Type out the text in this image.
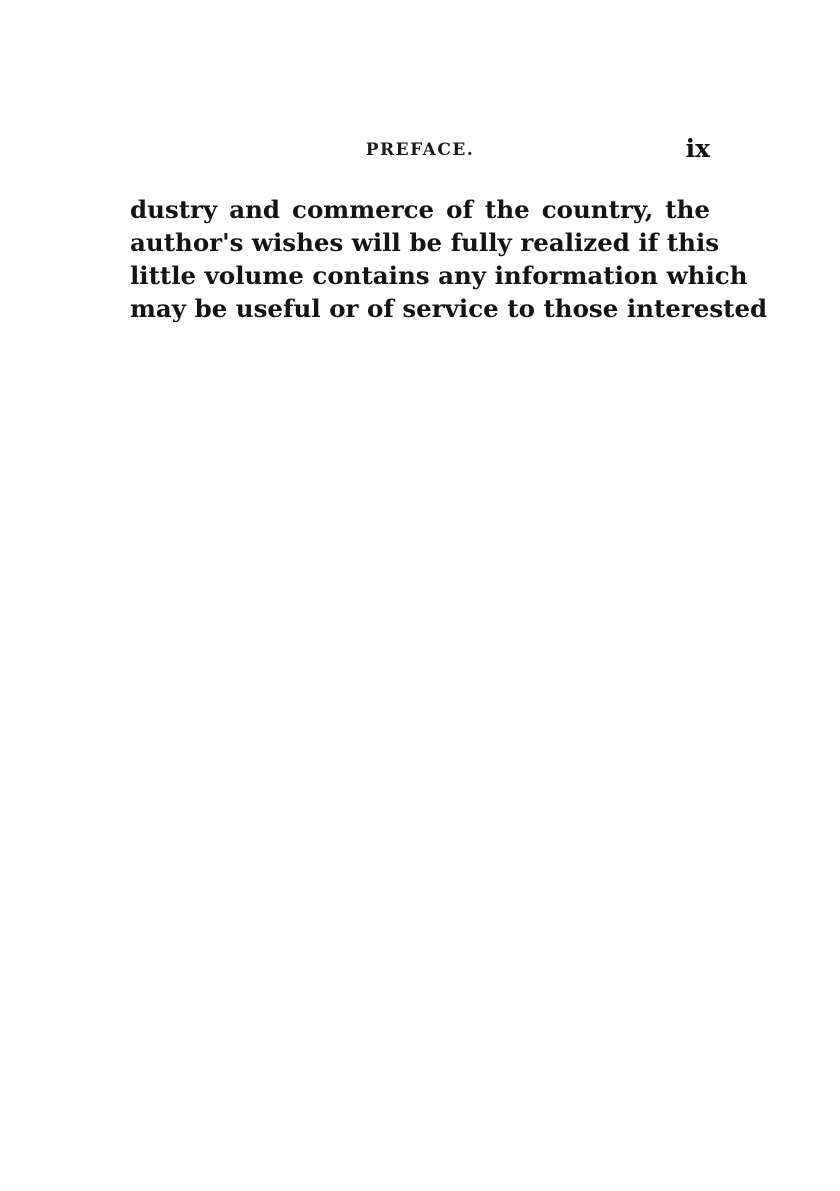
PREFACE.	ix
dustry and commerce of the country, the
author's wishes will be fully realized if this
little volume contains any information which
may be useful or of service to those interested
